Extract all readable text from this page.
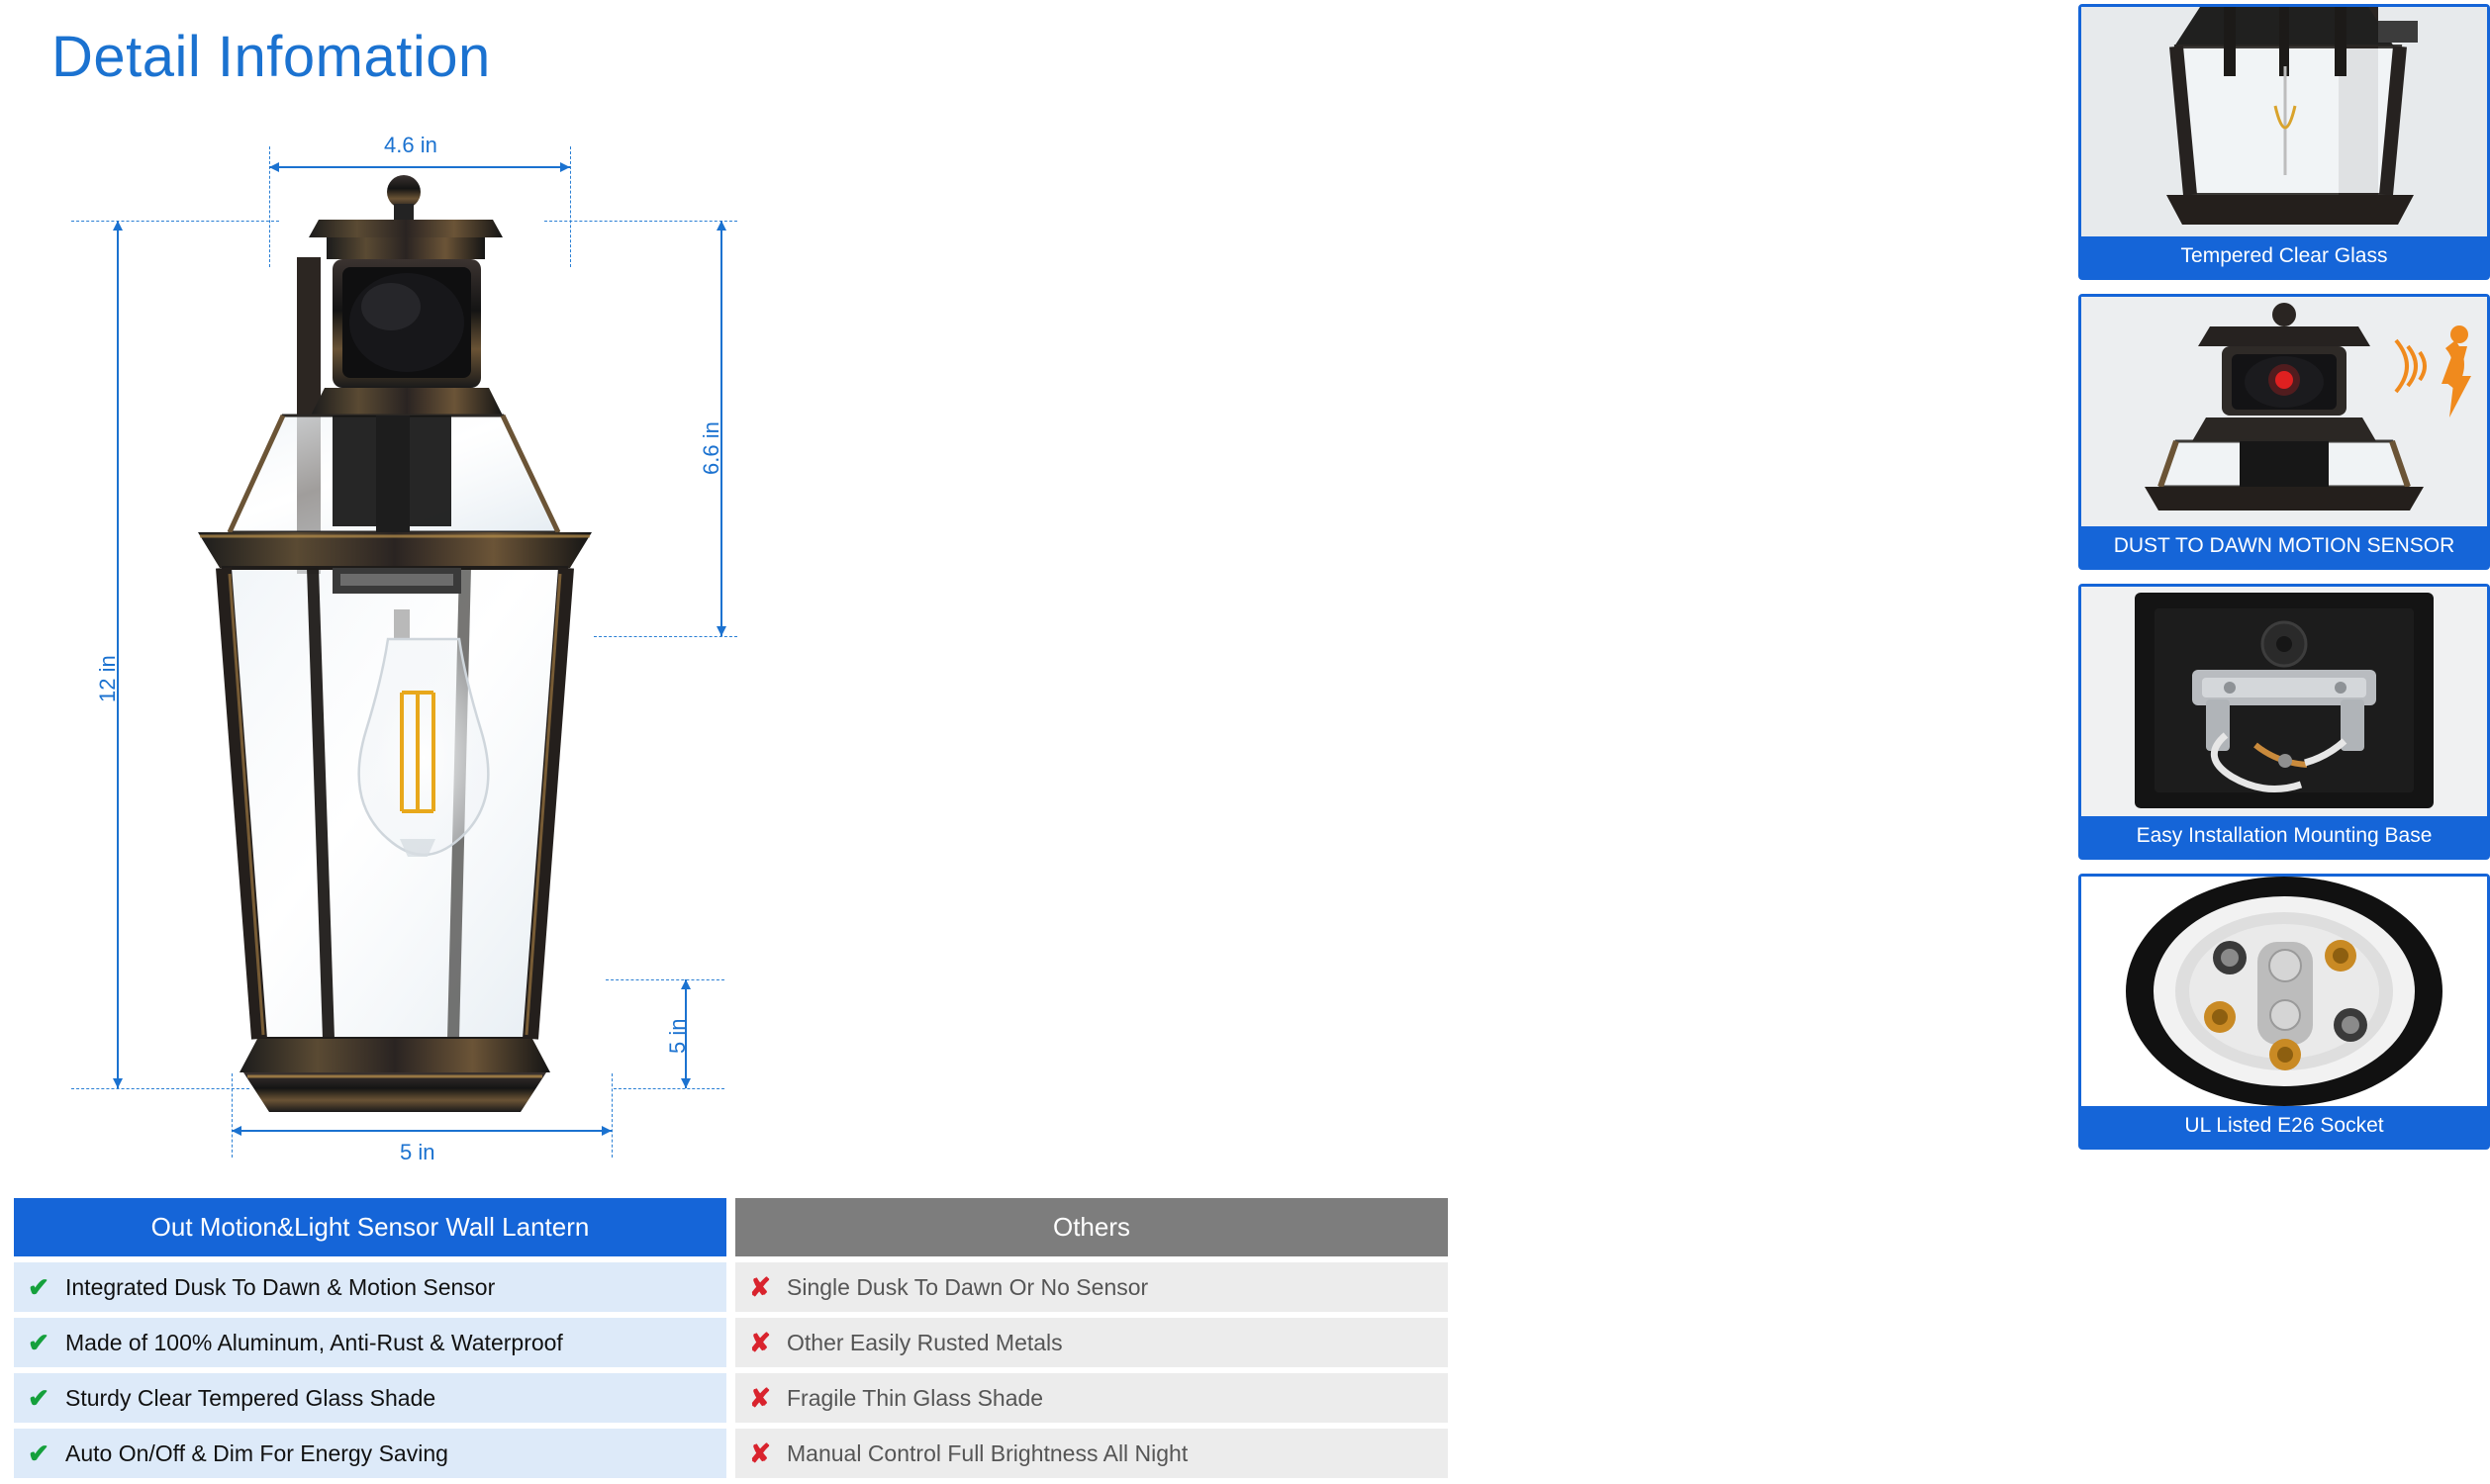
Detail Infomation
4.6 in
12 in
6.6 in
5 in
5 in
Tempered Clear Glass
DUST TO DAWN MOTION SENSOR
Easy Installation Mounting Base
UL Listed E26 Socket
Out Motion&Light Sensor Wall Lantern
✔ Integrated Dusk To Dawn & Motion Sensor
✔ Made of 100% Aluminum, Anti-Rust & Waterproof
✔ Sturdy Clear Tempered Glass Shade
✔ Auto On/Off & Dim For Energy Saving
Others
✘ Single Dusk To Dawn Or No Sensor
✘ Other Easily Rusted Metals
✘ Fragile Thin Glass Shade
✘ Manual Control Full Brightness All Night
